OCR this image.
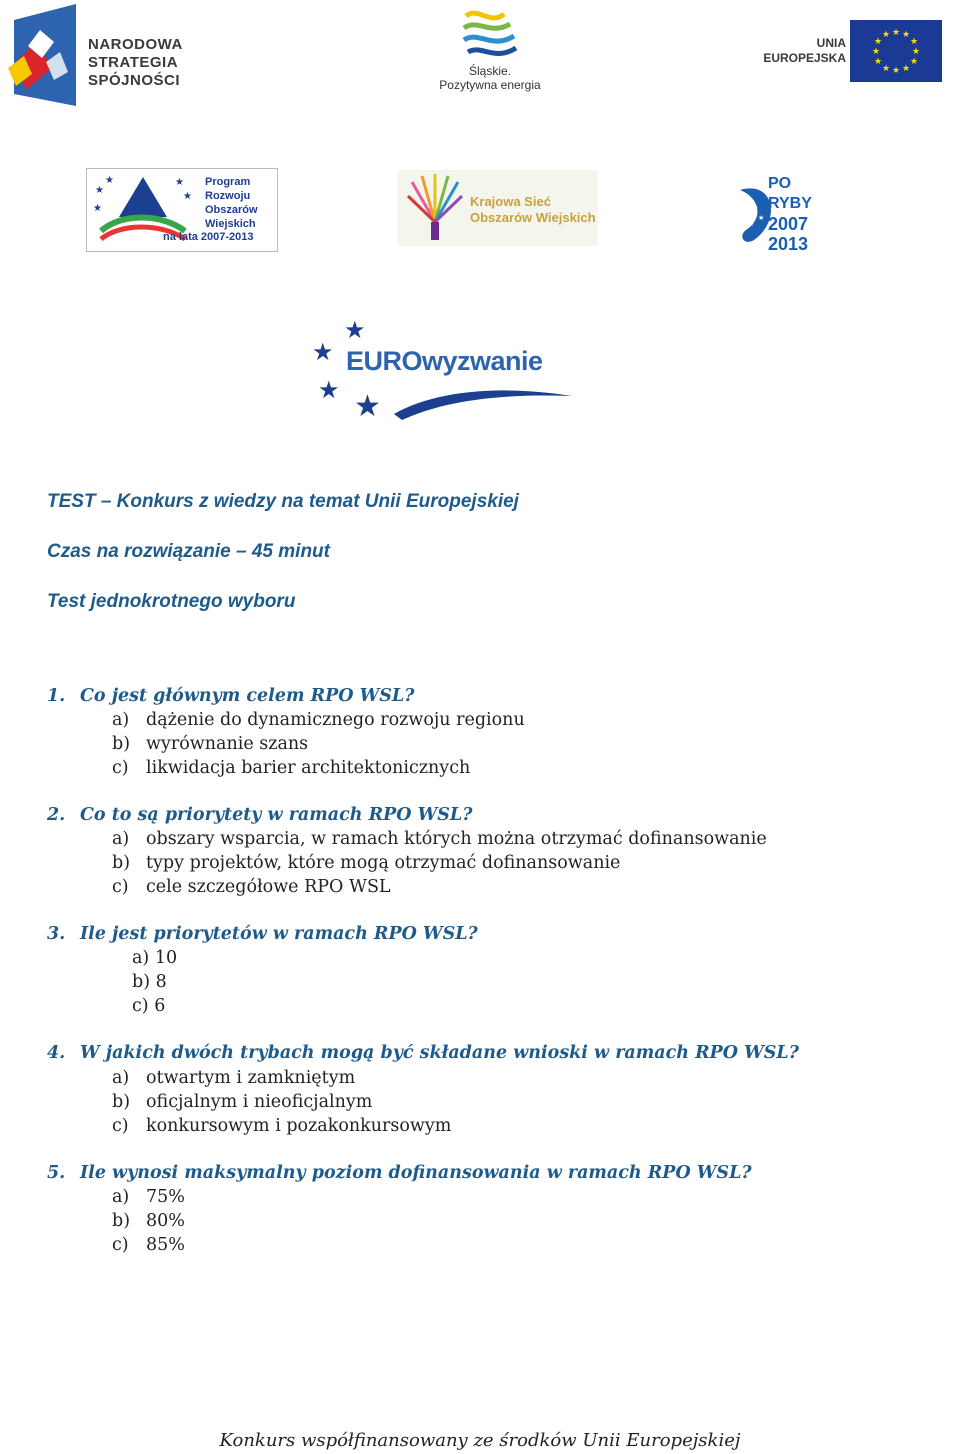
NARODOWA
STRATEGIA SPÓJNOŚCI
Śląskie.
Pozytywna energia
UNIA
EUROPEJSKA
★ ★
★
★
★
★
★
★
★
★
★
★
★
★	★
★
★
Program
Rozwoju
Obszarów
Wiejskich
na lata 2007-2013
Krajowa Sieć
Obszarów Wiejskich
★
★
★
PO RYBY
2007
2013
★
★
★ ★
EUROwyzwanie
TEST – Konkurs z wiedzy na temat Unii Europejskiej
Czas na rozwiązanie – 45 minut
Test jednokrotnego wyboru
1. Co jest głównym celem RPO WSL?
a) dążenie do dynamicznego rozwoju regionu
b) wyrównanie szans
c) likwidacja barier architektonicznych
2. Co to są priorytety w ramach RPO WSL?
a) obszary wsparcia, w ramach których można otrzymać dofinansowanie
b) typy projektów, które mogą otrzymać dofinansowanie
c) cele szczegółowe RPO WSL
3. Ile jest priorytetów w ramach RPO WSL?
a) 10
b) 8
c) 6
4. W jakich dwóch trybach mogą być składane wnioski w ramach RPO WSL?
a) otwartym i zamkniętym
b) oficjalnym i nieoficjalnym
c) konkursowym i pozakonkursowym
5. Ile wynosi maksymalny poziom dofinansowania w ramach RPO WSL?
a) 75%
b) 80%
c) 85%
Konkurs współfinansowany ze środków Unii Europejskiej
